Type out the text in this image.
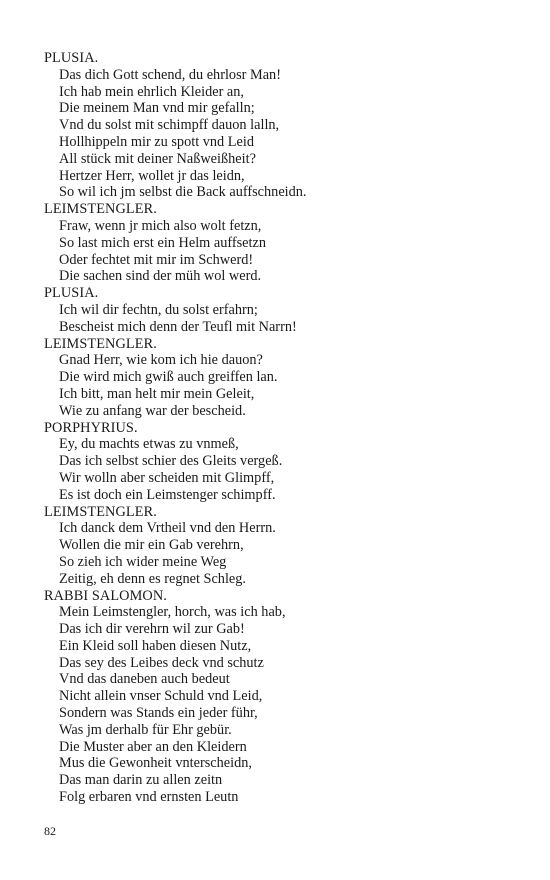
PLUSIA.
Das dich Gott schend, du ehrlosr Man!
Ich hab mein ehrlich Kleider an,
Die meinem Man vnd mir gefalln;
Vnd du solst mit schimpff dauon lalln,
Hollhippeln mir zu spott vnd Leid
All stück mit deiner Naßweißheit?
Hertzer Herr, wollet jr das leidn,
So wil ich jm selbst die Back auffschneidn.
LEIMSTENGLER.
Fraw, wenn jr mich also wolt fetzn,
So last mich erst ein Helm auffsetzn
Oder fechtet mit mir im Schwerd!
Die sachen sind der müh wol werd.
PLUSIA.
Ich wil dir fechtn, du solst erfahrn;
Bescheist mich denn der Teufl mit Narrn!
LEIMSTENGLER.
Gnad Herr, wie kom ich hie dauon?
Die wird mich gwiß auch greiffen lan.
Ich bitt, man helt mir mein Geleit,
Wie zu anfang war der bescheid.
PORPHYRIUS.
Ey, du machts etwas zu vnmeß,
Das ich selbst schier des Gleits vergeß.
Wir wolln aber scheiden mit Glimpff,
Es ist doch ein Leimstenger schimpff.
LEIMSTENGLER.
Ich danck dem Vrtheil vnd den Herrn.
Wollen die mir ein Gab verehrn,
So zieh ich wider meine Weg
Zeitig, eh denn es regnet Schleg.
RABBI SALOMON.
Mein Leimstengler, horch, was ich hab,
Das ich dir verehrn wil zur Gab!
Ein Kleid soll haben diesen Nutz,
Das sey des Leibes deck vnd schutz
Vnd das daneben auch bedeut
Nicht allein vnser Schuld vnd Leid,
Sondern was Stands ein jeder führ,
Was jm derhalb für Ehr gebür.
Die Muster aber an den Kleidern
Mus die Gewonheit vnterscheidn,
Das man darin zu allen zeitn
Folg erbaren vnd ernsten Leutn
82
